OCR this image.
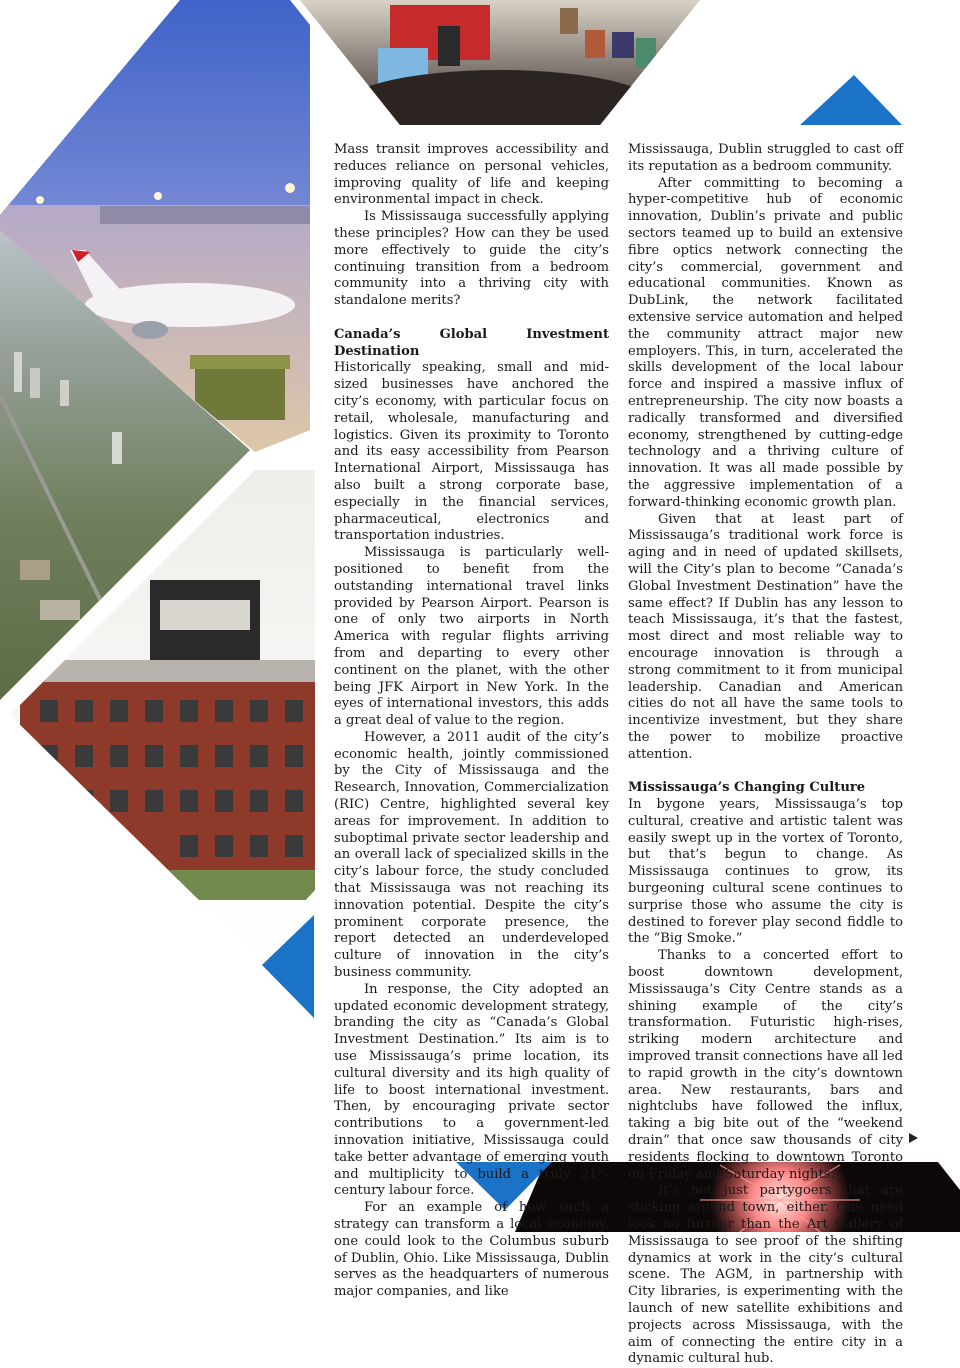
Mass transit improves accessibility and reduces reliance on personal vehicles, improving quality of life and keeping environmental impact in check.

Is Mississauga successfully applying these principles? How can they be used more effectively to guide the city’s continuing transition from a bedroom community into a thriving city with standalone merits?

Canada’s Global Investment Destination

Historically speaking, small and mid-sized businesses have anchored the city’s economy, with particular focus on retail, wholesale, manufacturing and logistics. Given its proximity to Toronto and its easy accessibility from Pearson International Airport, Mississauga has also built a strong corporate base, especially in the financial services, pharmaceutical, electronics and transportation industries.

Mississauga is particularly well-positioned to benefit from the outstanding international travel links provided by Pearson Airport. Pearson is one of only two airports in North America with regular flights arriving from and departing to every other continent on the planet, with the other being JFK Airport in New York. In the eyes of international investors, this adds a great deal of value to the region.

However, a 2011 audit of the city’s economic health, jointly commissioned by the City of Mississauga and the Research, Innovation, Commercialization (RIC) Centre, highlighted several key areas for improvement. In addition to suboptimal private sector leadership and an overall lack of specialized skills in the city’s labour force, the study concluded that Mississauga was not reaching its innovation potential. Despite the city’s prominent corporate presence, the report detected an underdeveloped culture of innovation in the city’s business community.

In response, the City adopted an updated economic development strategy, branding the city as “Canada’s Global Investment Destination.” Its aim is to use Mississauga’s prime location, its cultural diversity and its high quality of life to boost international investment. Then, by encouraging private sector contributions to a government-led innovation initiative, Mississauga could take better advantage of emerging youth and multiplicity to build a truly 21st-century labour force.

For an example of how such a strategy can transform a local economy, one could look to the Columbus suburb of Dublin, Ohio. Like Mississauga, Dublin serves as the headquarters of numerous major companies, and like

Mississauga, Dublin struggled to cast off its reputation as a bedroom community.

After committing to becoming a hyper-competitive hub of economic innovation, Dublin’s private and public sectors teamed up to build an extensive fibre optics network connecting the city’s commercial, government and educational communities. Known as DubLink, the network facilitated extensive service automation and helped the community attract major new employers. This, in turn, accelerated the skills development of the local labour force and inspired a massive influx of entrepreneurship. The city now boasts a radically transformed and diversified economy, strengthened by cutting-edge technology and a thriving culture of innovation. It was all made possible by the aggressive implementation of a forward-thinking economic growth plan.

Given that at least part of Mississauga’s traditional work force is aging and in need of updated skillsets, will the City’s plan to become “Canada’s Global Investment Destination” have the same effect? If Dublin has any lesson to teach Mississauga, it’s that the fastest, most direct and most reliable way to encourage innovation is through a strong commitment to it from municipal leadership. Canadian and American cities do not all have the same tools to incentivize investment, but they share the power to mobilize proactive attention.

Mississauga’s Changing Culture

In bygone years, Mississauga’s top cultural, creative and artistic talent was easily swept up in the vortex of Toronto, but that’s begun to change. As Mississauga continues to grow, its burgeoning cultural scene continues to surprise those who assume the city is destined to forever play second fiddle to the “Big Smoke.”

Thanks to a concerted effort to boost downtown development, Mississauga’s City Centre stands as a shining example of the city’s transformation. Futuristic high-rises, striking modern architecture and improved transit connections have all led to rapid growth in the city’s downtown area. New restaurants, bars and nightclubs have followed the influx, taking a big bite out of the “weekend drain” that once saw thousands of city residents flocking to downtown Toronto on Friday and Saturday nights.

It’s not just partygoers that are sticking around town, either. One need look no further than the Art Gallery of Mississauga to see proof of the shifting dynamics at work in the city’s cultural scene. The AGM, in partnership with City libraries, is experimenting with the launch of new satellite exhibitions and projects across Mississauga, with the aim of connecting the entire city in a dynamic cultural hub.
